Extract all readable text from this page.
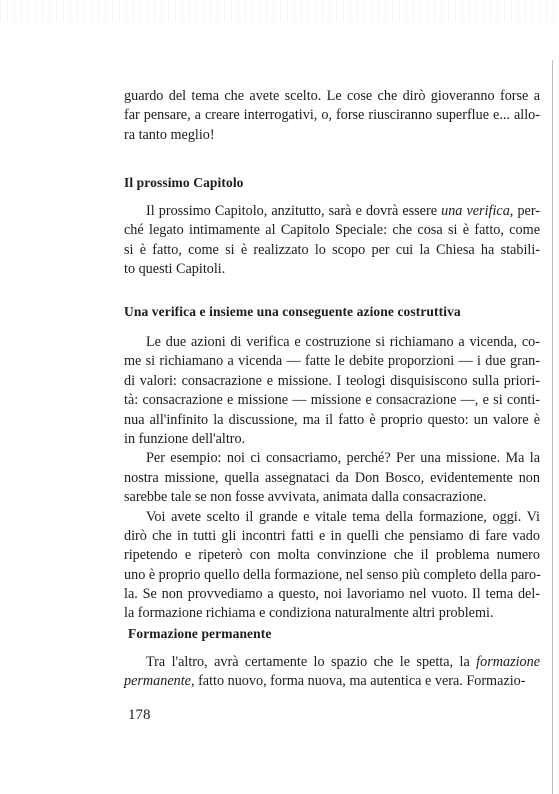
guardo del tema che avete scelto. Le cose che dirò gioveranno forse a
far pensare, a creare interrogativi, o, forse riusciranno superflue e... allo-
ra tanto meglio!
Il prossimo Capitolo
Il prossimo Capitolo, anzitutto, sarà e dovrà essere una verifica, per-
ché legato intimamente al Capitolo Speciale: che cosa si è fatto, come
si è fatto, come si è realizzato lo scopo per cui la Chiesa ha stabili-
to questi Capitoli.
Una verifica e insieme una conseguente azione costruttiva
Le due azioni di verifica e costruzione si richiamano a vicenda, co-
me si richiamano a vicenda — fatte le debite proporzioni — i due gran-
di valori: consacrazione e missione. I teologi disquisiscono sulla priori-
tà: consacrazione e missione — missione e consacrazione —, e si conti-
nua all'infinito la discussione, ma il fatto è proprio questo: un valore è
in funzione dell'altro.
Per esempio: noi ci consacriamo, perché? Per una missione. Ma la
nostra missione, quella assegnataci da Don Bosco, evidentemente non
sarebbe tale se non fosse avvivata, animata dalla consacrazione.
Voi avete scelto il grande e vitale tema della formazione, oggi. Vi
dirò che in tutti gli incontri fatti e in quelli che pensiamo di fare vado
ripetendo e ripeterò con molta convinzione che il problema numero
uno è proprio quello della formazione, nel senso più completo della paro-
la. Se non provvediamo a questo, noi lavoriamo nel vuoto. Il tema del-
la formazione richiama e condiziona naturalmente altri problemi.
Formazione permanente
Tra l'altro, avrà certamente lo spazio che le spetta, la formazione
permanente, fatto nuovo, forma nuova, ma autentica e vera. Formazio-
178
